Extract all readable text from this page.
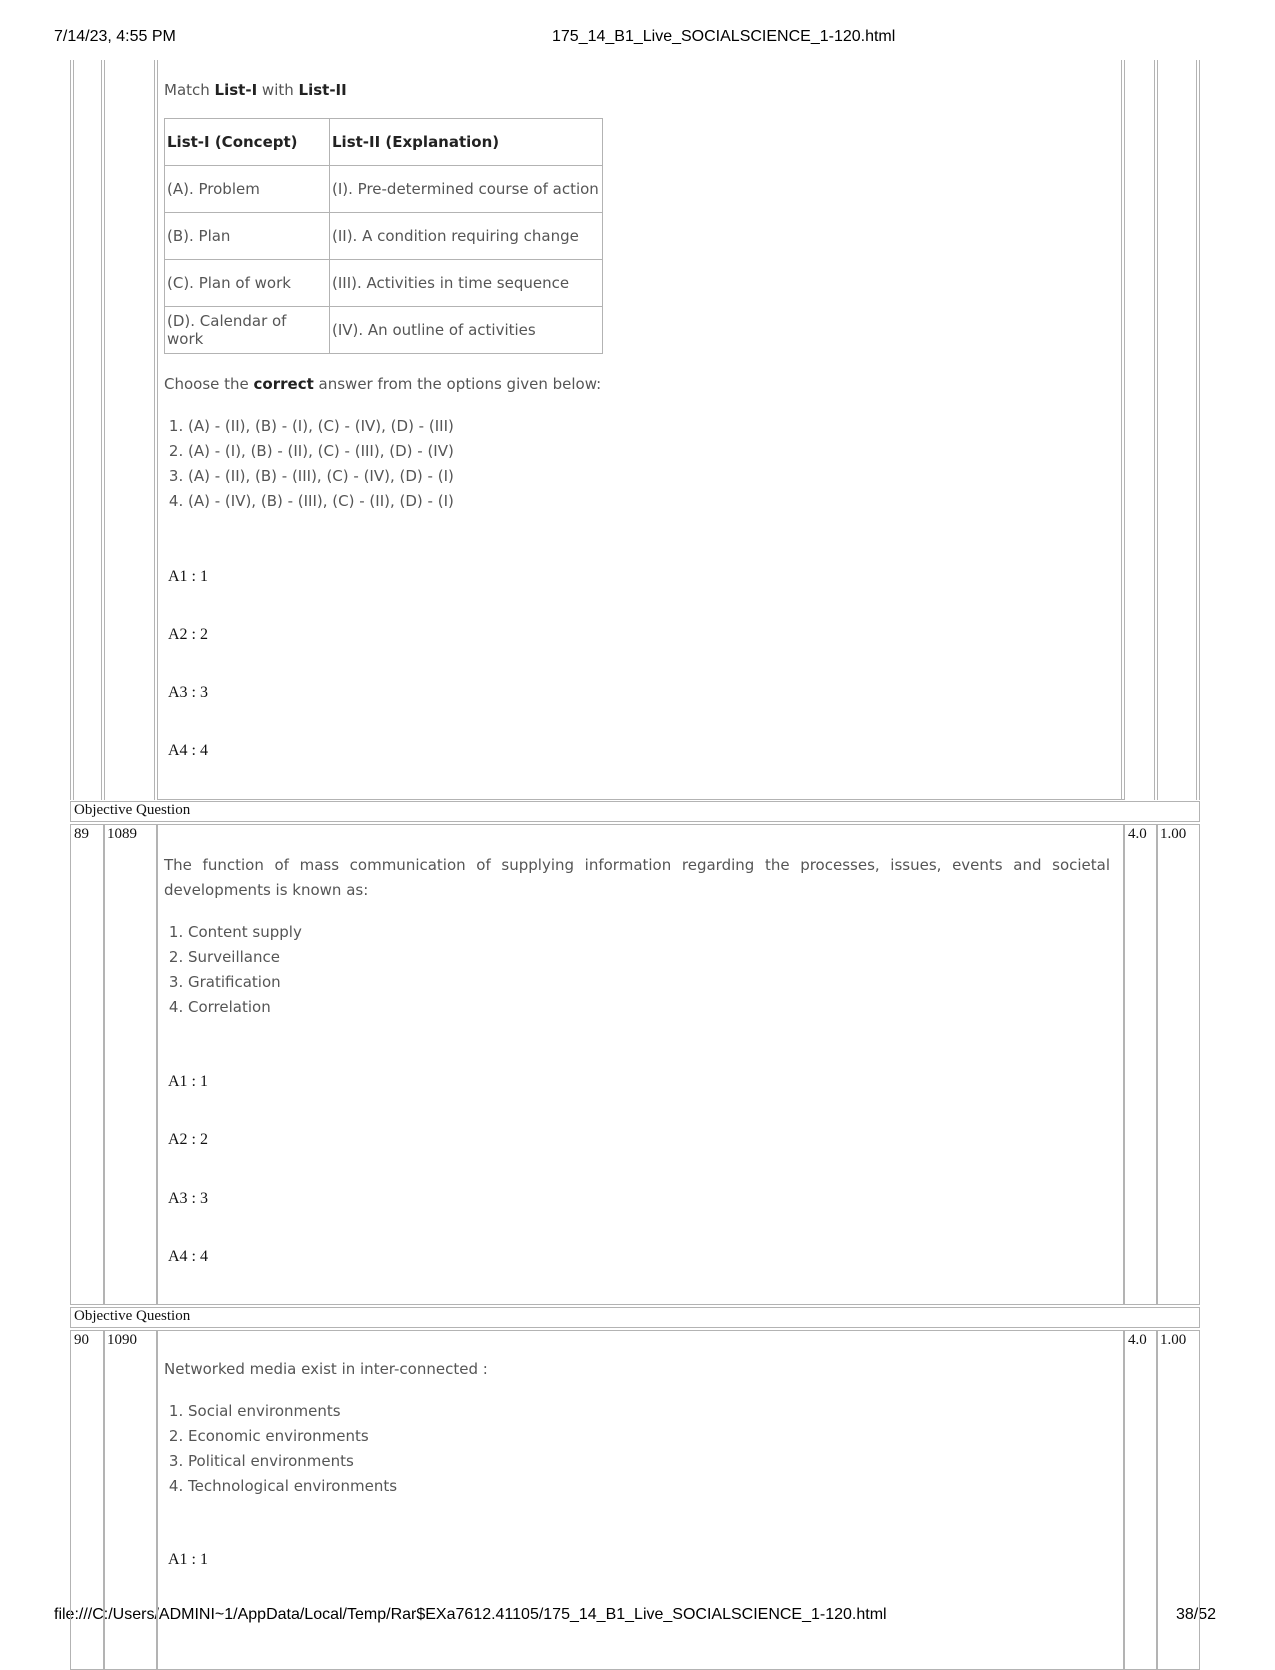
7/14/23, 4:55 PM	175_14_B1_Live_SOCIALSCIENCE_1-120.html
file:///C:/Users/ADMINI~1/AppData/Local/Temp/Rar$EXa7612.41105/175_14_B1_Live_SOCIALSCIENCE_1-120.html	38/52
Match List-I with List-II
List-I (Concept)	List-II (Explanation)
(A). Problem	(I). Pre-determined course of action
(B). Plan	(II). A condition requiring change
(C). Plan of work	(III). Activities in time sequence
(D). Calendar of work	(IV). An outline of activities
Choose the correct answer from the options given below:
1. (A) - (II), (B) - (I), (C) - (IV), (D) - (III)
2. (A) - (I), (B) - (II), (C) - (III), (D) - (IV)
3. (A) - (II), (B) - (III), (C) - (IV), (D) - (I)
4. (A) - (IV), (B) - (III), (C) - (II), (D) - (I)
A1 : 1
A2 : 2
A3 : 3
A4 : 4
Objective Question
89 1089	4.0 1.00
The function of mass communication of supplying information regarding the processes, issues, events and societal
developments is known as:
1. Content supply
2. Surveillance
3. Gratification
4. Correlation
A1 : 1
A2 : 2
A3 : 3
A4 : 4
Objective Question
90 1090	4.0 1.00
Networked media exist in inter-connected :
1. Social environments
2. Economic environments
3. Political environments
4. Technological environments
A1 : 1
